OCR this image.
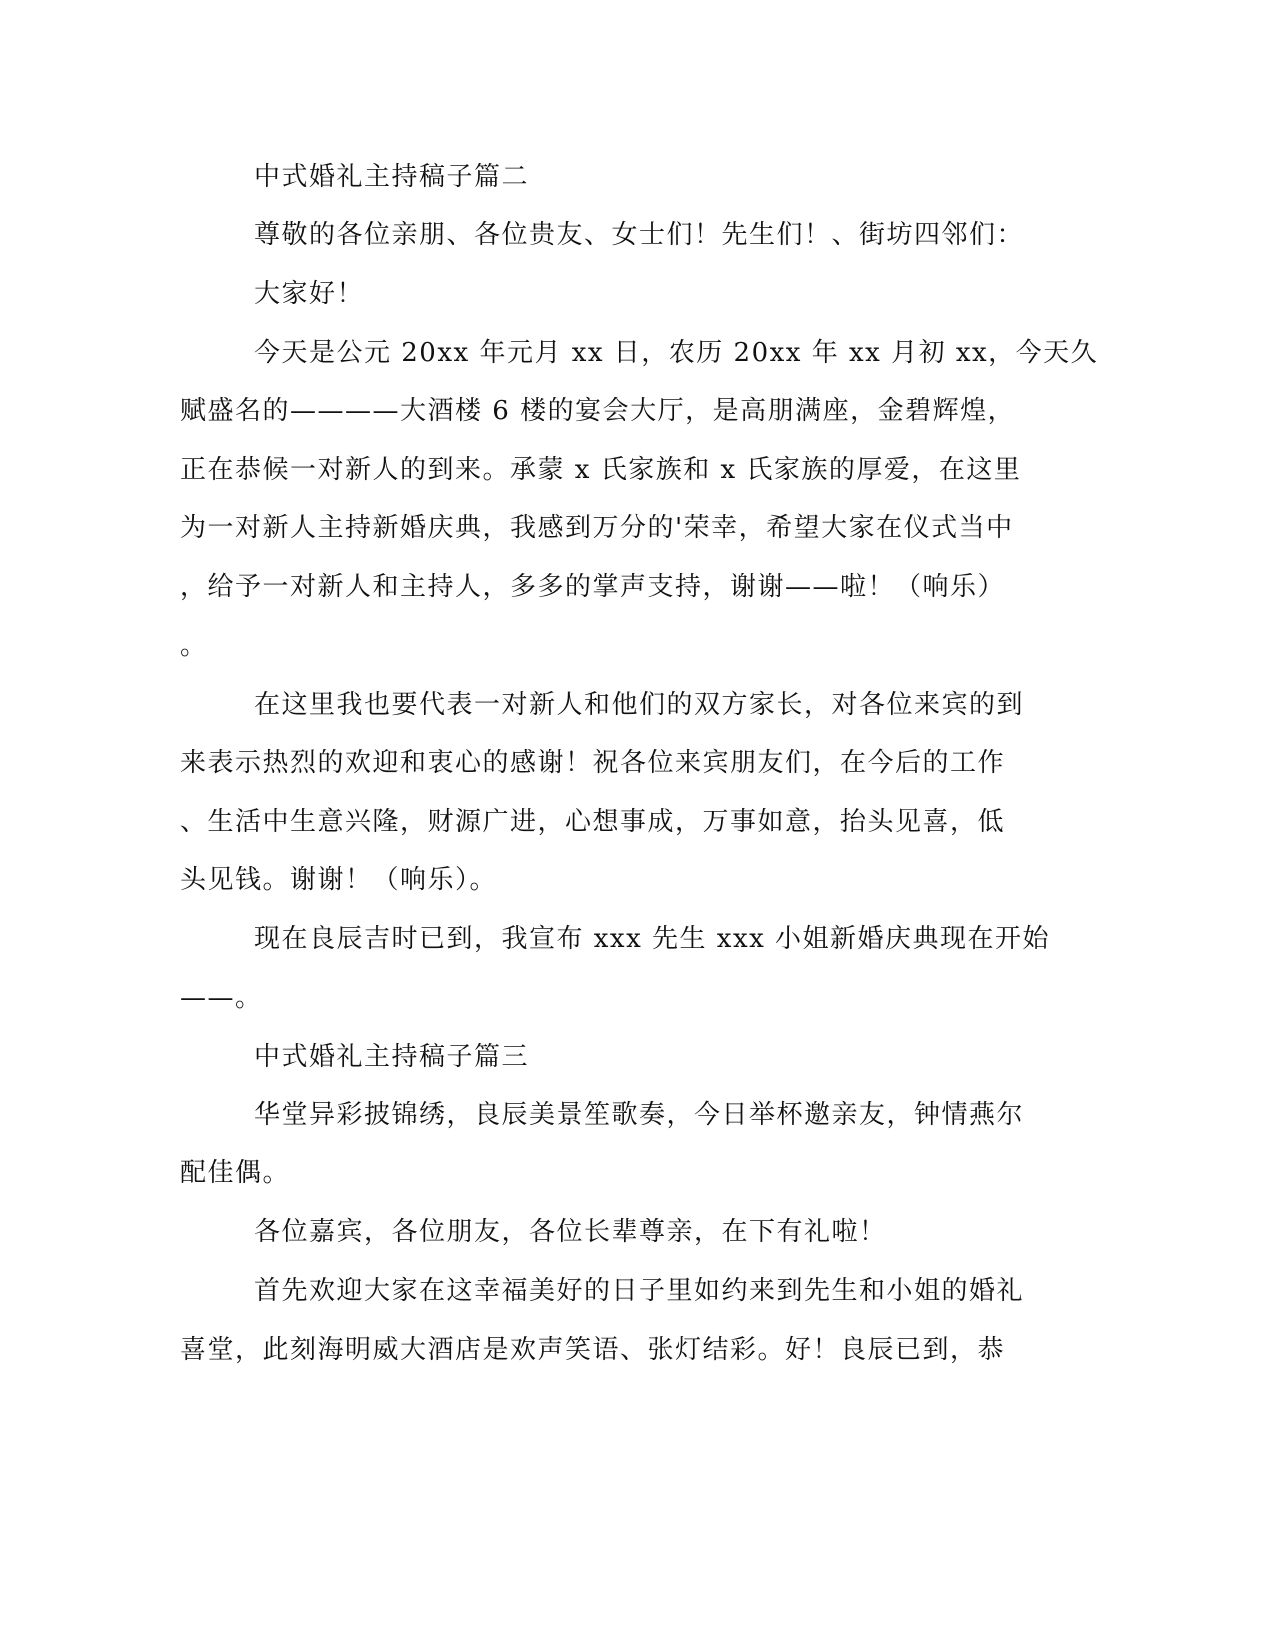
中式婚礼主持稿子篇二
尊敬的各位亲朋、各位贵友、女士们！先生们！、街坊四邻们：
大家好！
今天是公元 20xx 年元月 xx 日，农历 20xx 年 xx 月初 xx，今天久
赋盛名的————大酒楼 6 楼的宴会大厅，是高朋满座，金碧辉煌，
正在恭候一对新人的到来。承蒙 x 氏家族和 x 氏家族的厚爱，在这里
为一对新人主持新婚庆典，我感到万分的'荣幸，希望大家在仪式当中
，给予一对新人和主持人，多多的掌声支持，谢谢——啦！（响乐）
。
在这里我也要代表一对新人和他们的双方家长，对各位来宾的到
来表示热烈的欢迎和衷心的感谢！祝各位来宾朋友们，在今后的工作
、生活中生意兴隆，财源广进，心想事成，万事如意，抬头见喜，低
头见钱。谢谢！（响乐）。
现在良辰吉时已到，我宣布 xxx 先生 xxx 小姐新婚庆典现在开始
——。
中式婚礼主持稿子篇三
华堂异彩披锦绣，良辰美景笙歌奏，今日举杯邀亲友，钟情燕尔
配佳偶。
各位嘉宾，各位朋友，各位长辈尊亲，在下有礼啦！
首先欢迎大家在这幸福美好的日子里如约来到先生和小姐的婚礼
喜堂，此刻海明威大酒店是欢声笑语、张灯结彩。好！良辰已到，恭
